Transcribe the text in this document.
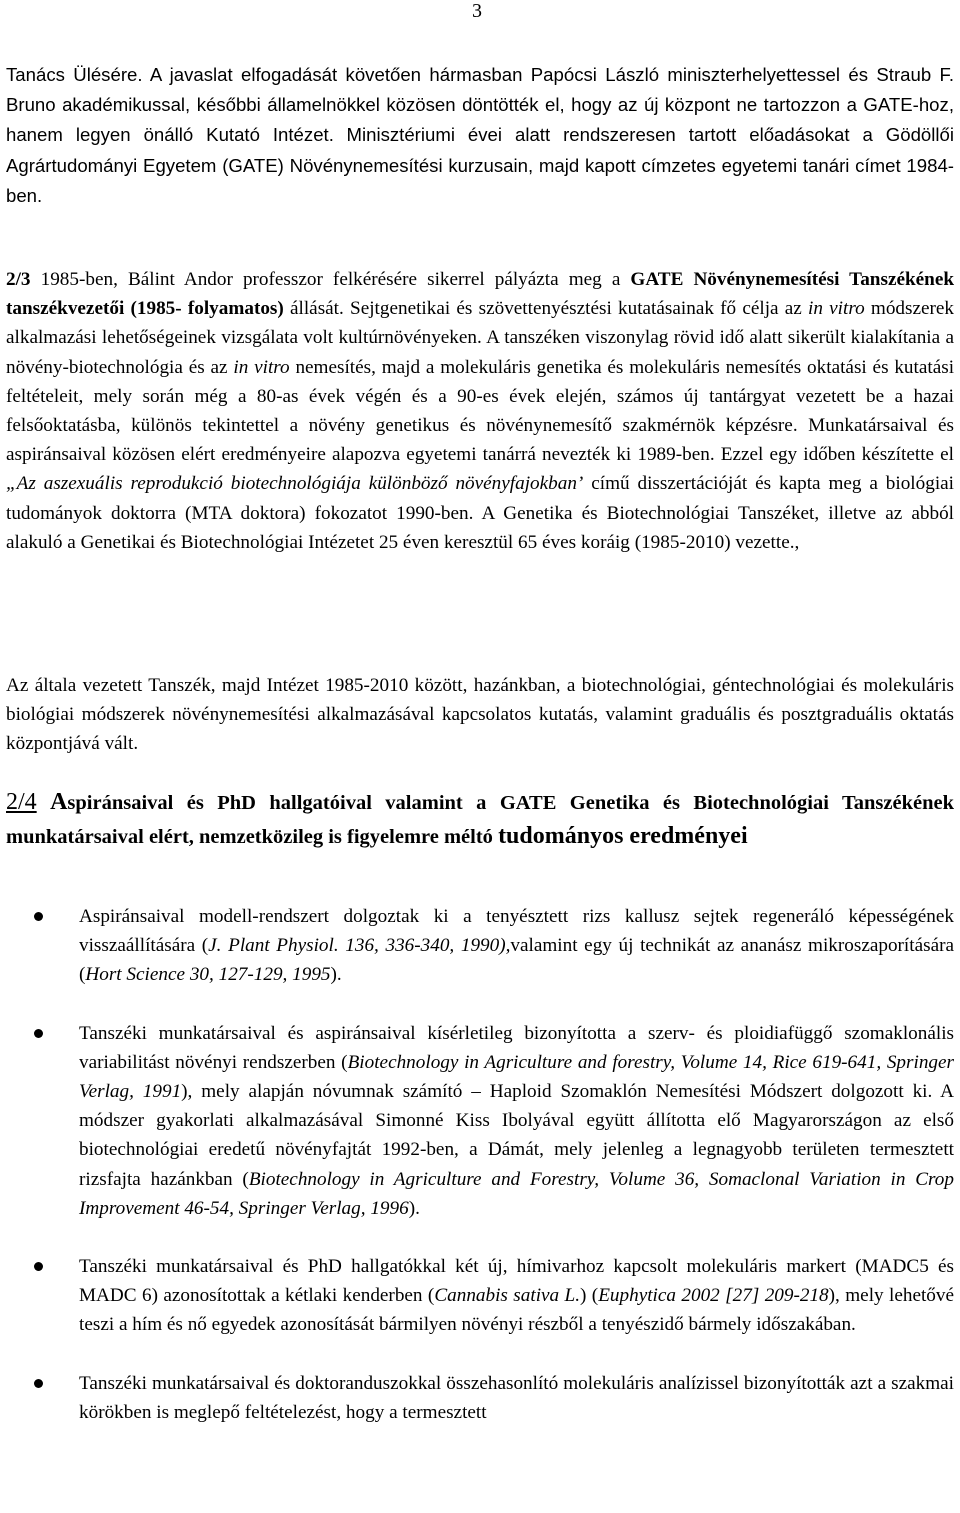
3
Tanács Ülésére. A javaslat elfogadását követően hármasban Papócsi László miniszterhelyettessel és Straub F. Bruno akadémikussal, későbbi államelnökkel közösen döntötték el, hogy az új központ ne tartozzon a GATE-hoz, hanem legyen önálló Kutató Intézet. Minisztériumi évei alatt rendszeresen tartott előadásokat a Gödöllői Agrártudományi Egyetem (GATE) Növénynemesítési kurzusain, majd kapott címzetes egyetemi tanári címet 1984-ben.
2/3 1985-ben, Bálint Andor professzor felkérésére sikerrel pályázta meg a GATE Növénynemesítési Tanszékének tanszékvezetői (1985- folyamatos) állását. Sejtgenetikai és szövettenyésztési kutatásainak fő célja az in vitro módszerek alkalmazási lehetőségeinek vizsgálata volt kultúrnövényeken. A tanszéken viszonylag rövid idő alatt sikerült kialakítania a növény-biotechnológia és az in vitro nemesítés, majd a molekuláris genetika és molekuláris nemesítés oktatási és kutatási feltételeit, mely során még a 80-as évek végén és a 90-es évek elején, számos új tantárgyat vezetett be a hazai felsőoktatásba, különös tekintettel a növény genetikus és növénynemesítő szakmérnök képzésre. Munkatársaival és aspiránsaival közösen elért eredményeire alapozva egyetemi tanárrá nevezték ki 1989-ben. Ezzel egy időben készítette el „Az aszexuális reprodukció biotechnológiája különböző növényfajokban’ című disszertációját és kapta meg a biológiai tudományok doktorra (MTA doktora) fokozatot 1990-ben. A Genetika és Biotechnológiai Tanszéket, illetve az abból alakuló a Genetikai és Biotechnológiai Intézetet 25 éven keresztül 65 éves koráig (1985-2010) vezette.,
Az általa vezetett Tanszék, majd Intézet 1985-2010 között, hazánkban, a biotechnológiai, géntechnológiai és molekuláris biológiai módszerek növénynemesítési alkalmazásával kapcsolatos kutatás, valamint graduális és posztgraduális oktatás központjává vált.
2/4 Aspiránsaival és PhD hallgatóival valamint a GATE Genetika és Biotechnológiai Tanszékének munkatársaival elért, nemzetközileg is figyelemre méltó tudományos eredményei
Aspiránsaival modell-rendszert dolgoztak ki a tenyésztett rizs kallusz sejtek regeneráló képességének visszaállítására (J. Plant Physiol. 136, 336-340, 1990),valamint egy új technikát az ananász mikroszaporítására (Hort Science 30, 127-129, 1995).
Tanszéki munkatársaival és aspiránsaival kísérletileg bizonyította a szerv- és ploidiafüggő szomaklonális variabilitást növényi rendszerben (Biotechnology in Agriculture and forestry, Volume 14, Rice 619-641, Springer Verlag, 1991), mely alapján nóvumnak számító – Haploid Szomaklón Nemesítési Módszert dolgozott ki. A módszer gyakorlati alkalmazásával Simonné Kiss Ibolyával együtt állította elő Magyarországon az első biotechnológiai eredetű növényfajtát 1992-ben, a Dámát, mely jelenleg a legnagyobb területen termesztett rizsfajta hazánkban (Biotechnology in Agriculture and Forestry, Volume 36, Somaclonal Variation in Crop Improvement 46-54, Springer Verlag, 1996).
Tanszéki munkatársaival és PhD hallgatókkal két új, hímivarhoz kapcsolt molekuláris markert (MADC5 és MADC 6) azonosítottak a kétlaki kenderben (Cannabis sativa L.) (Euphytica 2002 [27] 209-218), mely lehetővé teszi a hím és nő egyedek azonosítását bármilyen növényi részből a tenyészidő bármely időszakában.
Tanszéki munkatársaival és doktoranduszokkal összehasonlító molekuláris analízissel bizonyították azt a szakmai körökben is meglepő feltételezést, hogy a termesztett
